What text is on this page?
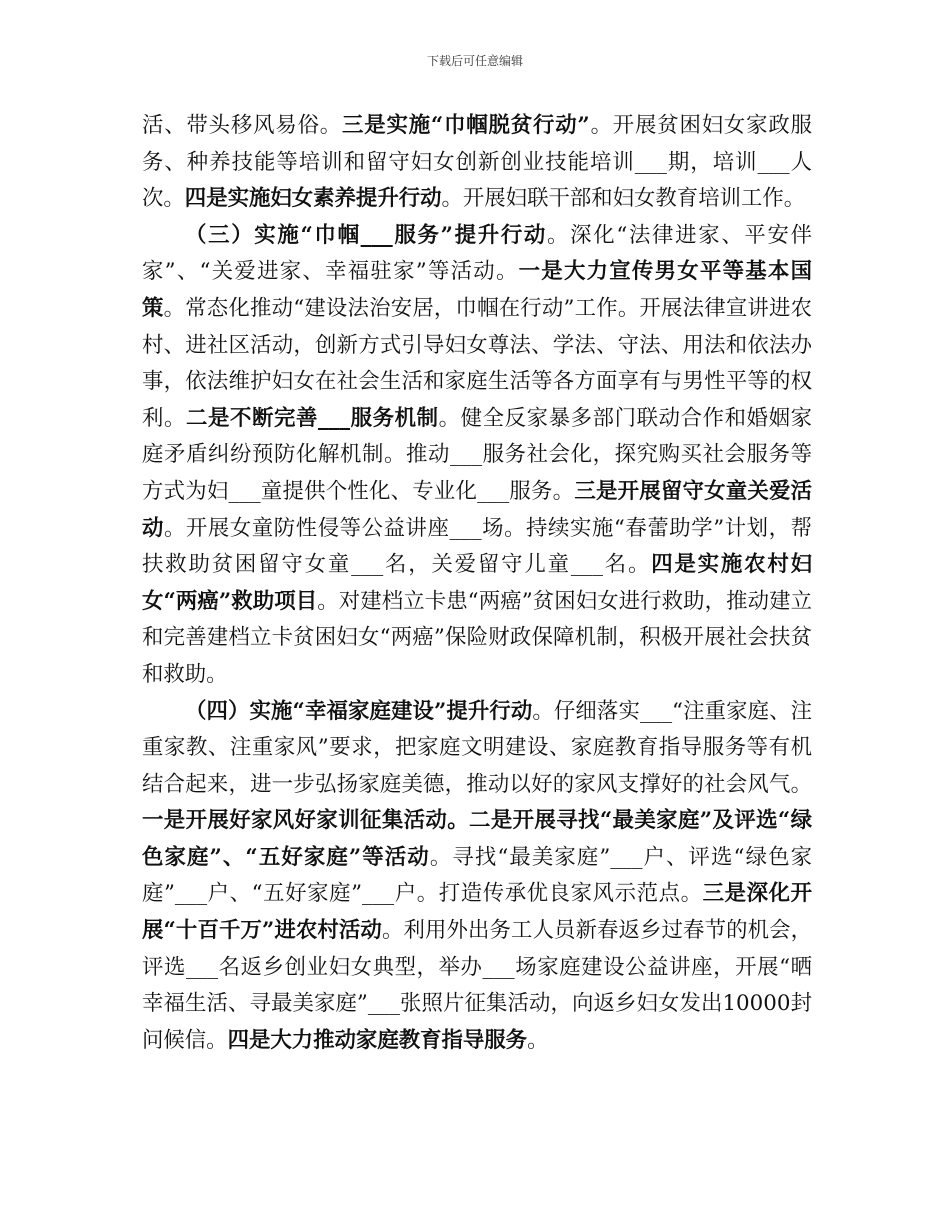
下载后可任意编辑

活、带头移风易俗。三是实施“巾帼脱贫行动”。开展贫困妇女家政服务、种养技能等培训和留守妇女创新创业技能培训___期，培训___人次。四是实施妇女素养提升行动。开展妇联干部和妇女教育培训工作。

（三）实施“巾帼___服务”提升行动。深化“法律进家、平安伴家”、“关爱进家、幸福驻家”等活动。一是大力宣传男女平等基本国策。常态化推动“建设法治安居，巾帼在行动”工作。开展法律宣讲进农村、进社区活动，创新方式引导妇女尊法、学法、守法、用法和依法办事，依法维护妇女在社会生活和家庭生活等各方面享有与男性平等的权利。二是不断完善___服务机制。健全反家暴多部门联动合作和婚姻家庭矛盾纠纷预防化解机制。推动___服务社会化，探究购买社会服务等方式为妇___童提供个性化、专业化___服务。三是开展留守女童关爱活动。开展女童防性侵等公益讲座___场。持续实施“春蕾助学”计划，帮扶救助贫困留守女童___名，关爱留守儿童___名。四是实施农村妇女“两癌”救助项目。对建档立卡患“两癌”贫困妇女进行救助，推动建立和完善建档立卡贫困妇女“两癌”保险财政保障机制，积极开展社会扶贫和救助。

（四）实施“幸福家庭建设”提升行动。仔细落实___“注重家庭、注重家教、注重家风”要求，把家庭文明建设、家庭教育指导服务等有机结合起来，进一步弘扬家庭美德，推动以好的家风支撑好的社会风气。一是开展好家风好家训征集活动。二是开展寻找“最美家庭”及评选“绿色家庭”、“五好家庭”等活动。寻找“最美家庭”___户、评选“绿色家庭”___户、“五好家庭”___户。打造传承优良家风示范点。三是深化开展“十百千万”进农村活动。利用外出务工人员新春返乡过春节的机会，评选___名返乡创业妇女典型，举办___场家庭建设公益讲座，开展“晒幸福生活、寻最美家庭”___张照片征集活动，向返乡妇女发出10000封问候信。四是大力推动家庭教育指导服务。
